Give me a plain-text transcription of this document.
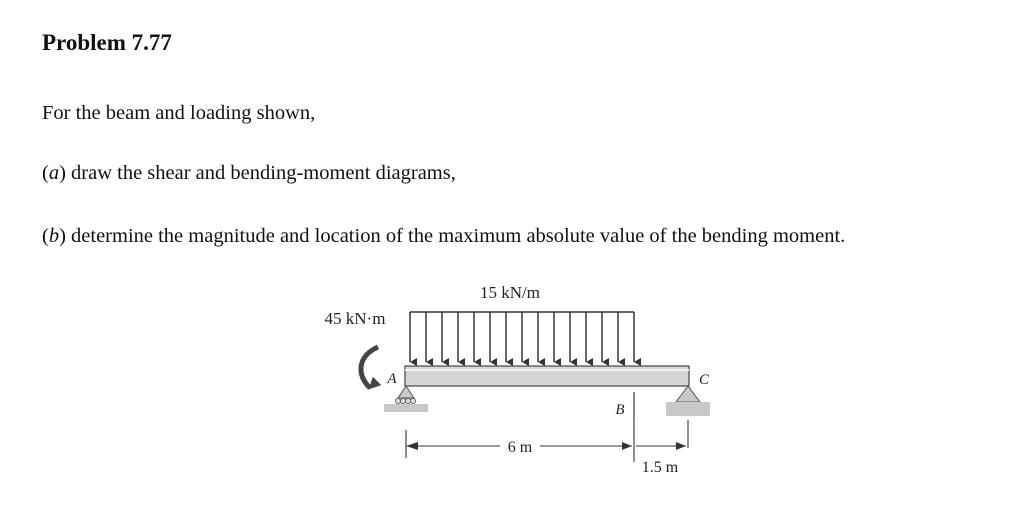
Problem 7.77
For the beam and loading shown,
(a) draw the shear and bending-moment diagrams,
(b) determine the magnitude and location of the maximum absolute value of the bending moment.
15 kN/m
45 kN·m
A	C
B
6 m
1.5 m
